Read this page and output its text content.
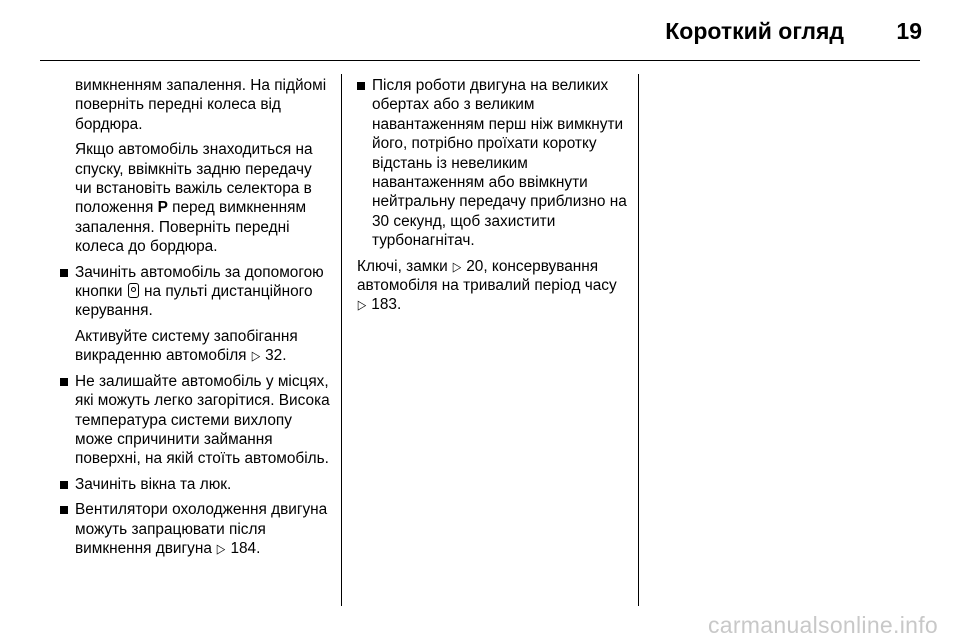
Короткий огляд 19

вимкненням запалення. На підйомі поверніть передні колеса від бордюра.

Якщо автомобіль знаходиться на спуску, ввімкніть задню передачу чи встановіть важіль селектора в положення P перед вимкненням запалення. Поверніть передні колеса до бордюра.

Зачиніть автомобіль за допомогою кнопки  на пульті дистанційного керування.

Активуйте систему запобігання викраденню автомобіля ▷ 32.

Не залишайте автомобіль у місцях, які можуть легко загорітися. Висока температура системи вихлопу може спричинити займання поверхні, на якій стоїть автомобіль.

Зачиніть вікна та люк.

Вентилятори охолодження двигуна можуть запрацювати після вимкнення двигуна ▷ 184.

Після роботи двигуна на великих обертах або з великим навантаженням перш ніж вимкнути його, потрібно проїхати коротку відстань із невеликим навантаженням або ввімкнути нейтральну передачу приблизно на 30 секунд, щоб захистити турбонагнітач.

Ключі, замки ▷ 20, консервування автомобіля на тривалий період часу ▷ 183.

carmanualsonline.info
